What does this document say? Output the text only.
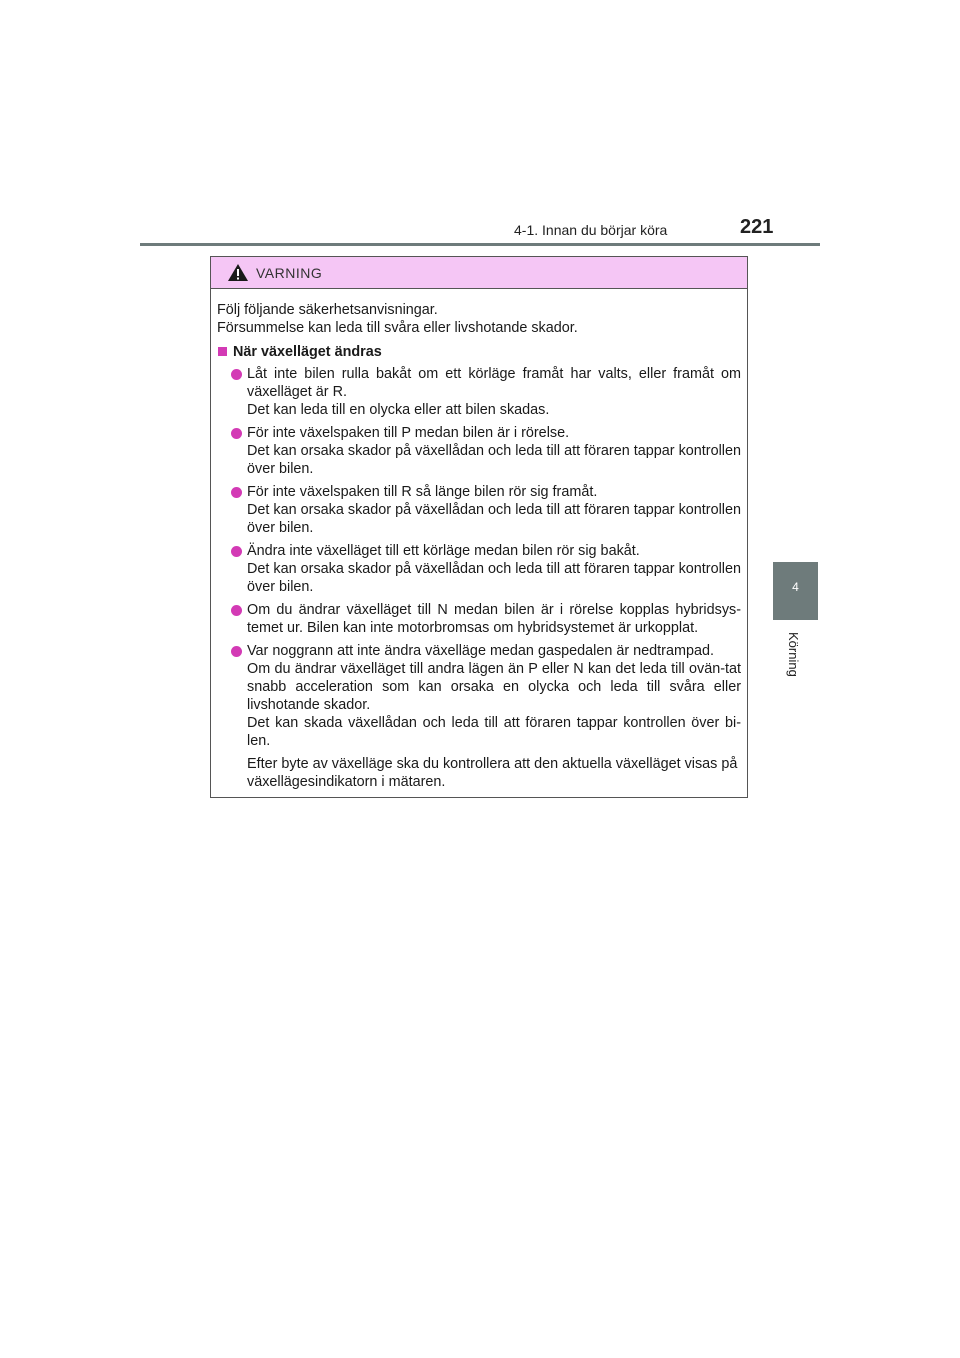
4-1. Innan du börjar köra	221
4
Körning
VARNING

Följ följande säkerhetsanvisningar.

Försummelse kan leda till svåra eller livshotande skador.

När växelläget ändras

Låt inte bilen rulla bakåt om ett körläge framåt har valts, eller framåt om växelläget är R.

Det kan leda till en olycka eller att bilen skadas.

För inte växelspaken till P medan bilen är i rörelse.

Det kan orsaka skador på växellådan och leda till att föraren tappar kontrollen över bilen.

För inte växelspaken till R så länge bilen rör sig framåt.

Det kan orsaka skador på växellådan och leda till att föraren tappar kontrollen över bilen.

Ändra inte växelläget till ett körläge medan bilen rör sig bakåt.

Det kan orsaka skador på växellådan och leda till att föraren tappar kontrollen över bilen.

Om du ändrar växelläget till N medan bilen är i rörelse kopplas hybridsys-temet ur. Bilen kan inte motorbromsas om hybridsystemet är urkopplat.

Var noggrann att inte ändra växelläge medan gaspedalen är nedtrampad.

Om du ändrar växelläget till andra lägen än P eller N kan det leda till ovän-tat snabb acceleration som kan orsaka en olycka och leda till svåra eller livshotande skador.

Det kan skada växellådan och leda till att föraren tappar kontrollen över bi-len.

Efter byte av växelläge ska du kontrollera att den aktuella växelläget visas på växellägesindikatorn i mätaren.
